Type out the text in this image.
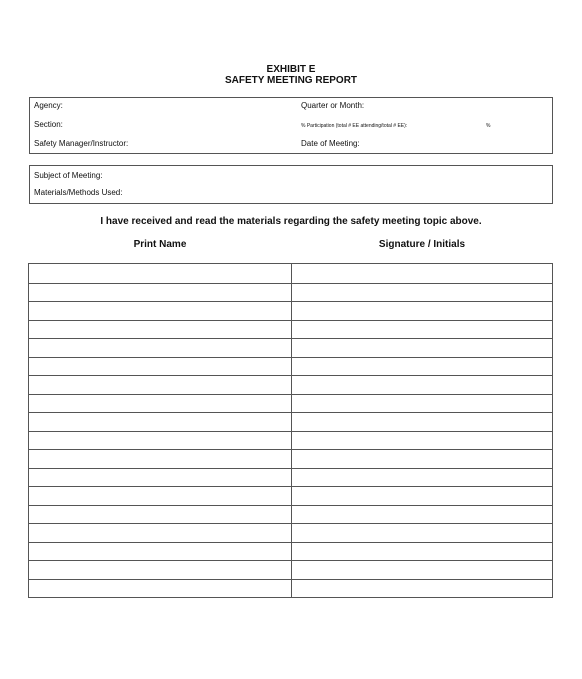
EXHIBIT E
SAFETY MEETING REPORT
Agency:
Section:
Safety Manager/Instructor:
Quarter or Month:
% Participation (total # EE attending/total # EE):	%
Date of Meeting:
Subject of Meeting:
Materials/Methods Used:
I have received and read the materials regarding the safety meeting topic above.
Print Name	Signature / Initials
